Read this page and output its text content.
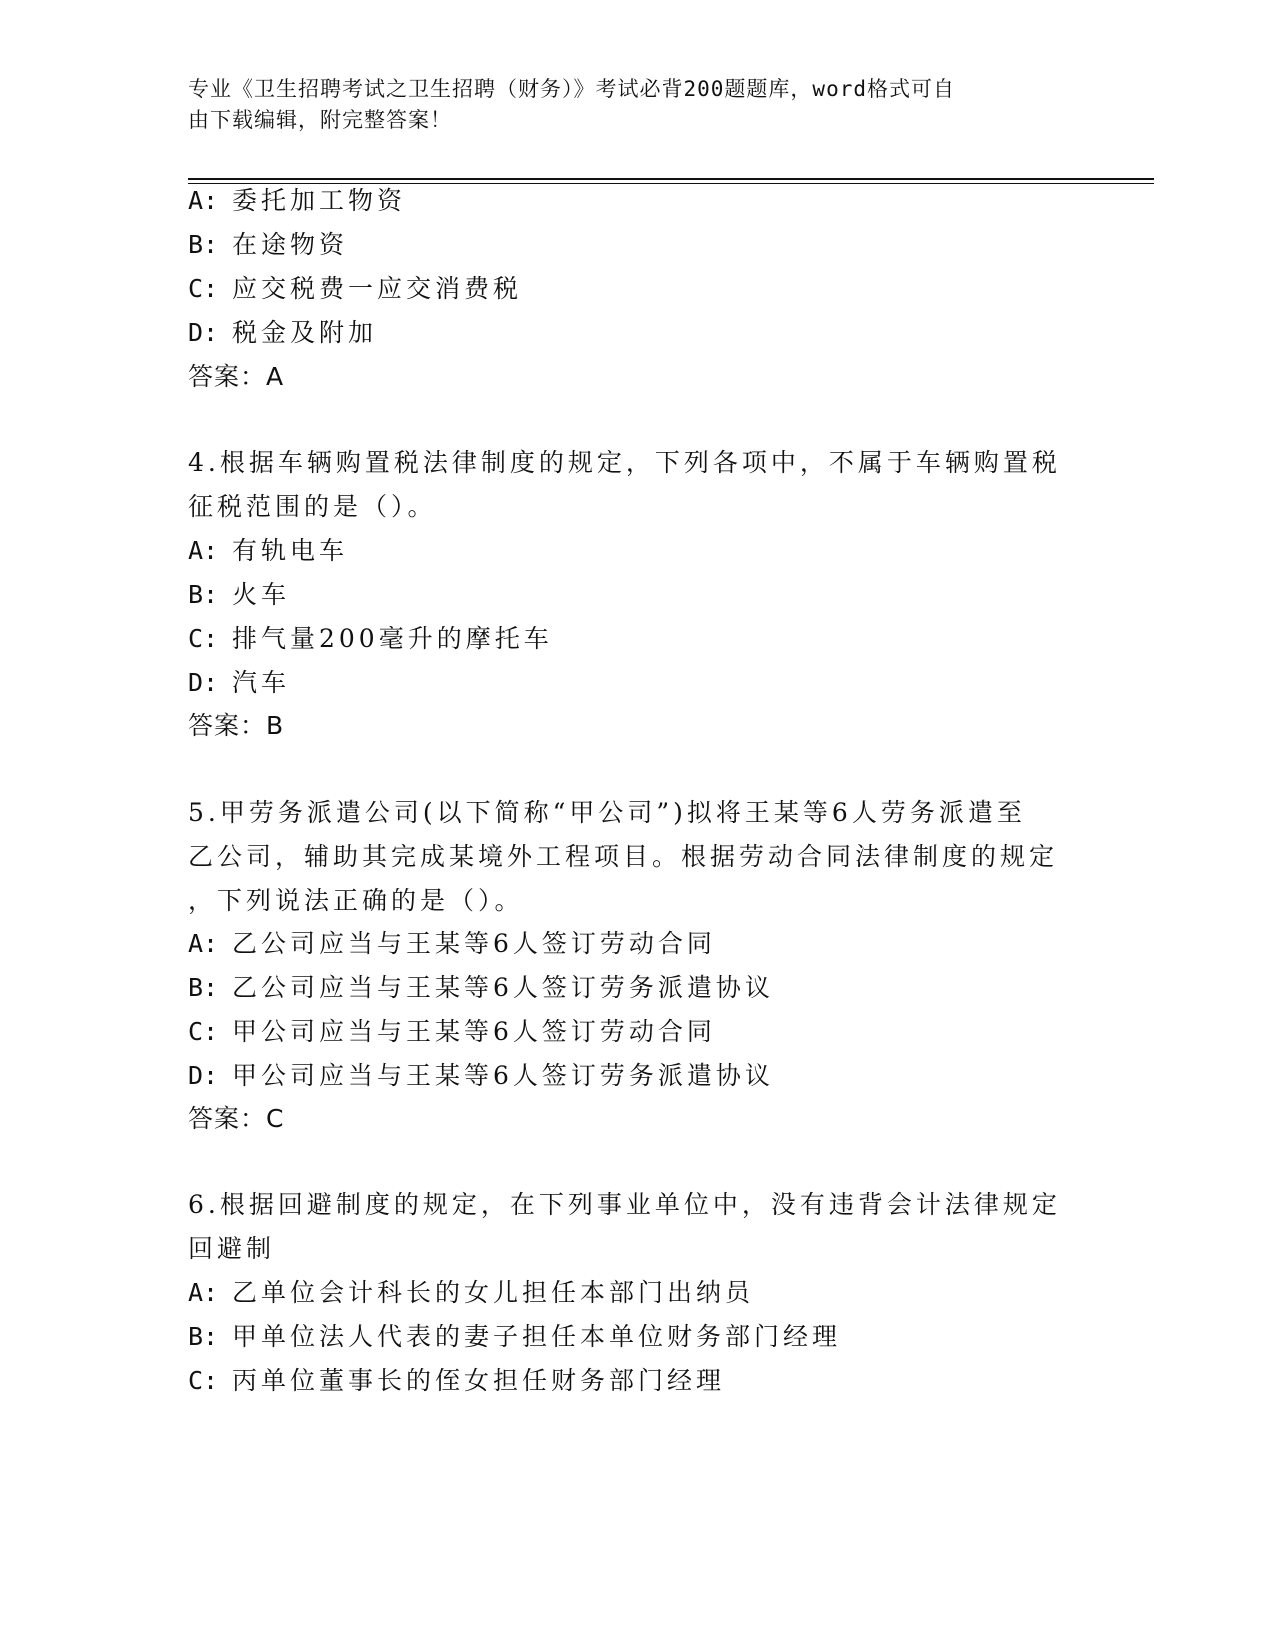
专业《卫生招聘考试之卫生招聘（财务）》考试必背200题题库，word格式可自
由下载编辑，附完整答案！
A: 委托加工物资
B: 在途物资
C: 应交税费一应交消费税
D: 税金及附加
答案：A
4.根据车辆购置税法律制度的规定，下列各项中，不属于车辆购置税
征税范围的是（）。
A: 有轨电车
B: 火车
C: 排气量200毫升的摩托车
D: 汽车
答案：B
5.甲劳务派遣公司(以下简称“甲公司”)拟将王某等6人劳务派遣至
乙公司，辅助其完成某境外工程项目。根据劳动合同法律制度的规定
，下列说法正确的是（）。
A: 乙公司应当与王某等6人签订劳动合同
B: 乙公司应当与王某等6人签订劳务派遣协议
C: 甲公司应当与王某等6人签订劳动合同
D: 甲公司应当与王某等6人签订劳务派遣协议
答案：C
6.根据回避制度的规定，在下列事业单位中，没有违背会计法律规定
回避制
A: 乙单位会计科长的女儿担任本部门出纳员
B: 甲单位法人代表的妻子担任本单位财务部门经理
C: 丙单位董事长的侄女担任财务部门经理
